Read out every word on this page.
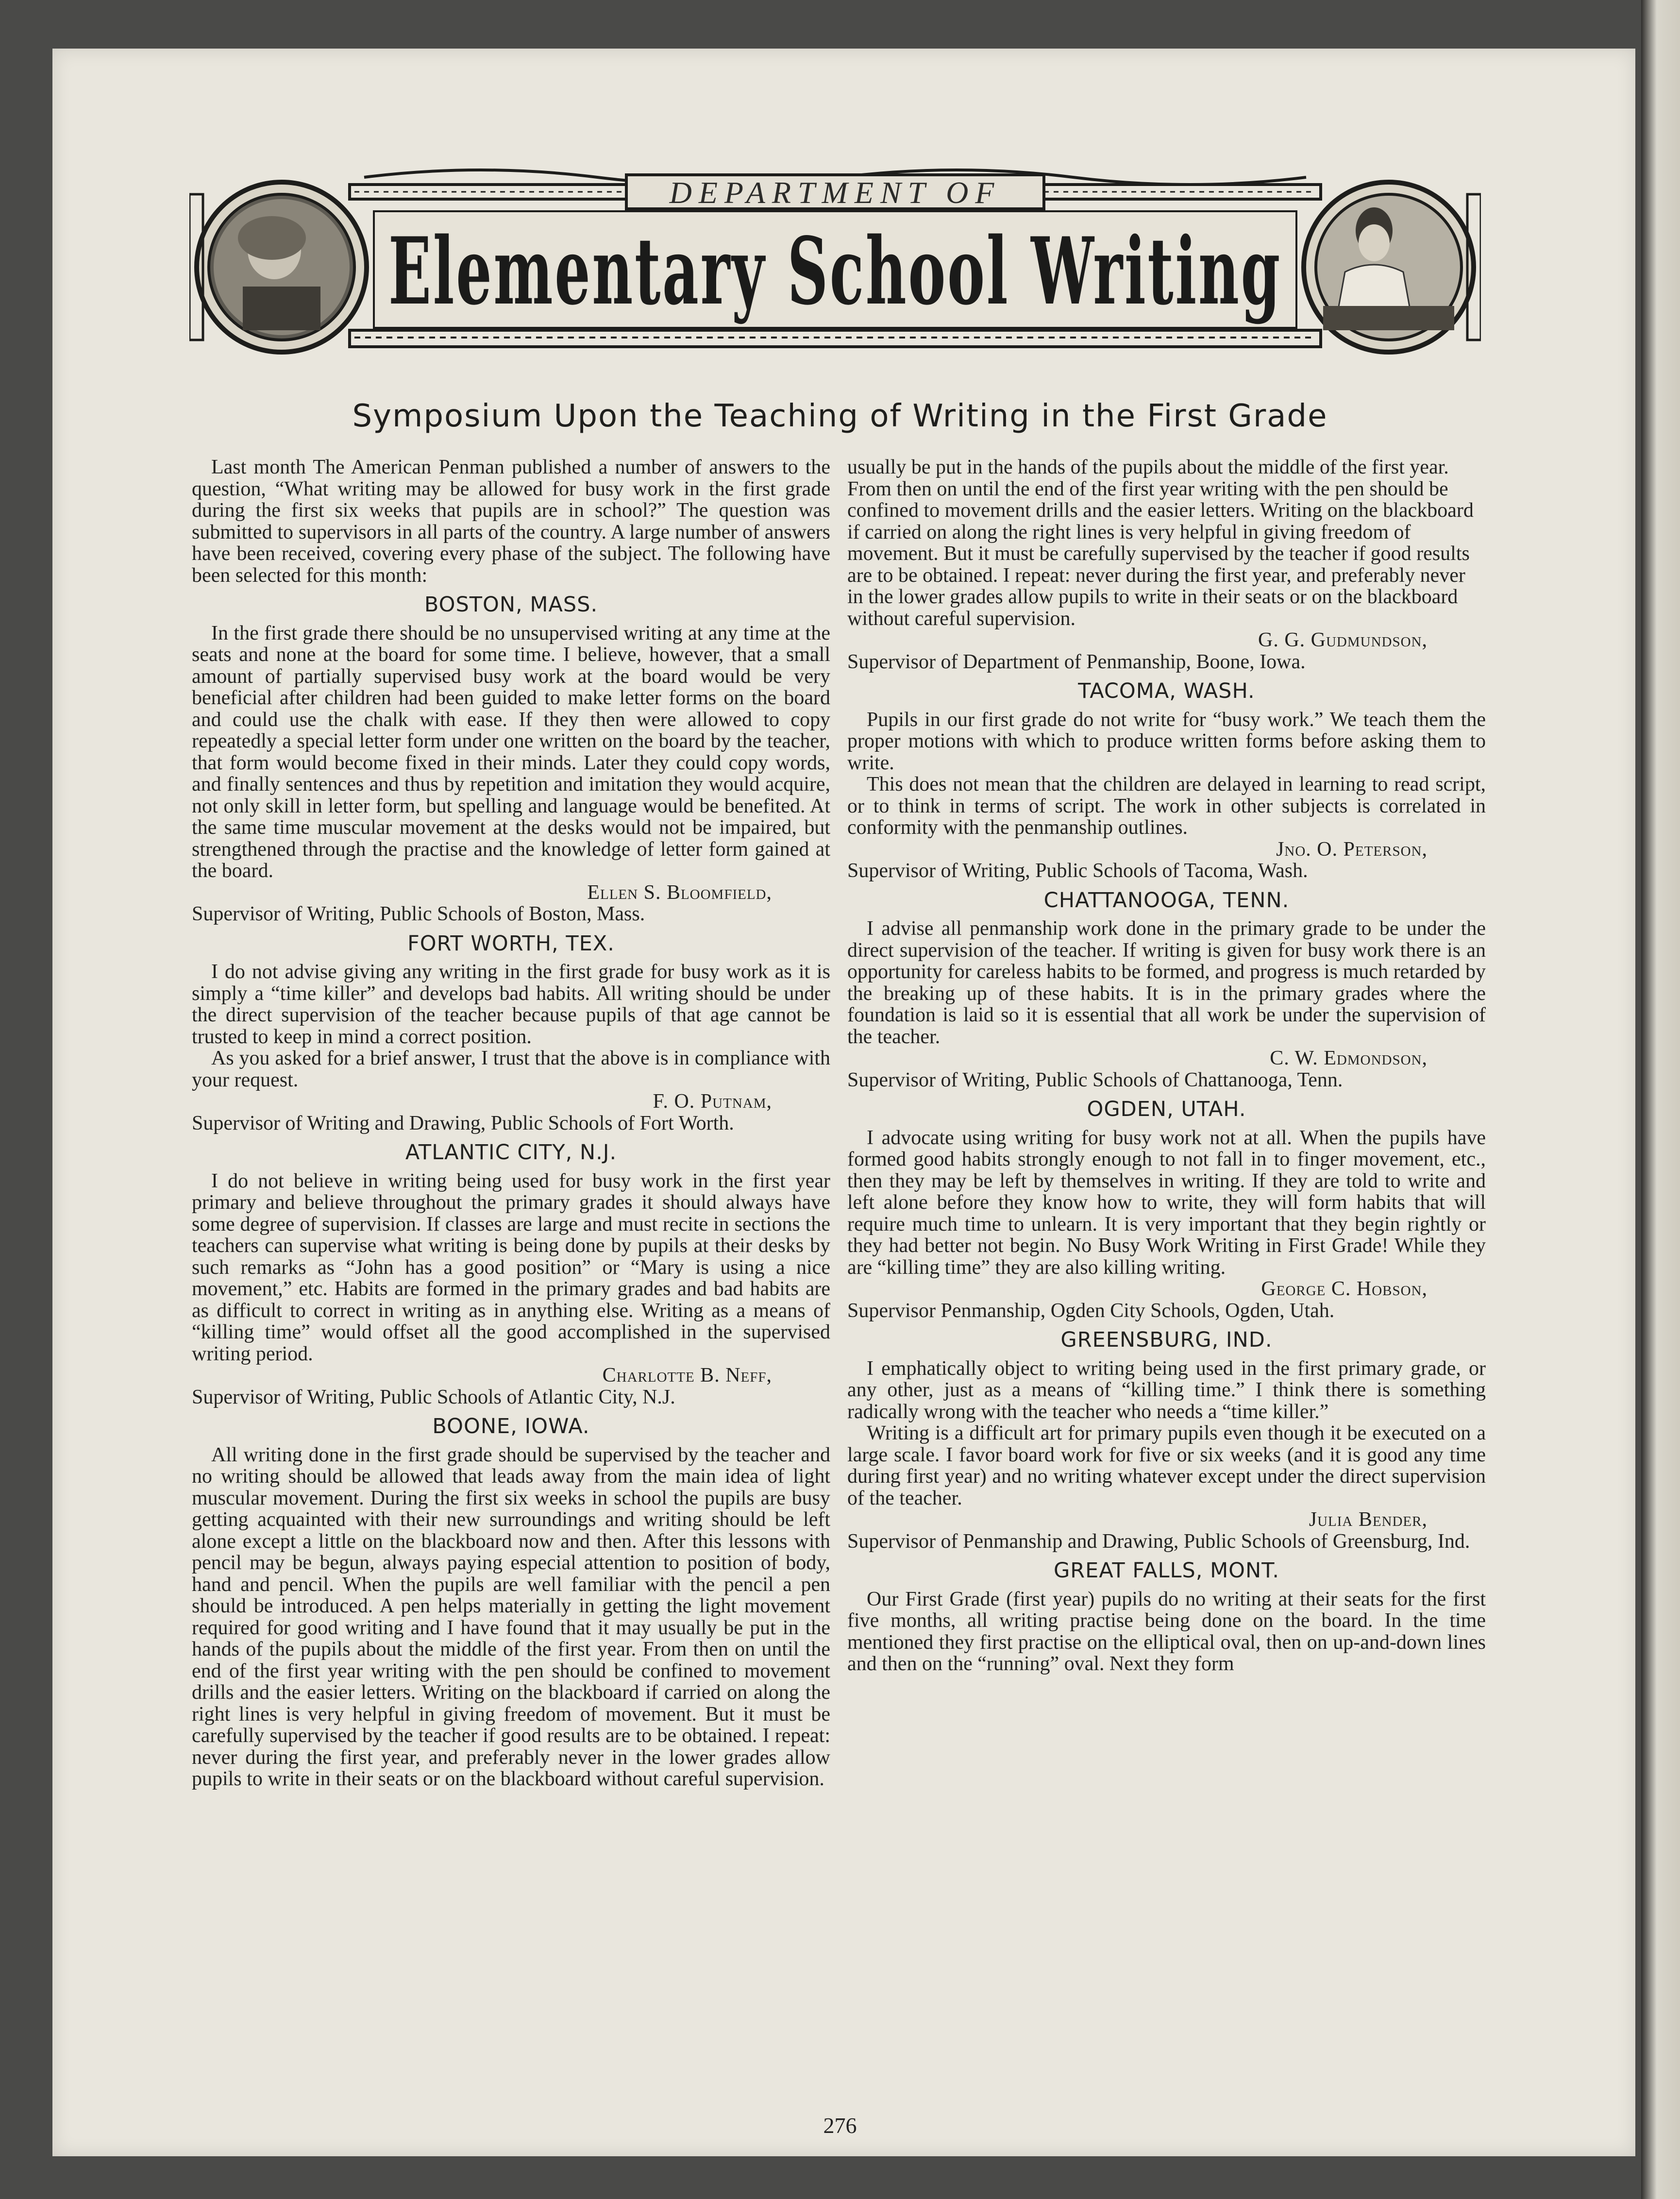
DEPARTMENT OF
Elementary School Writing
Symposium Upon the Teaching of Writing in the First Grade

Last month The American Penman published a number of answers to the question, “What writing may be allowed for busy work in the first grade during the first six weeks that pupils are in school?” The question was submitted to supervisors in all parts of the country. A large number of answers have been received, covering every phase of the subject. The following have been selected for this month:

BOSTON, MASS.

In the first grade there should be no unsupervised writing at any time at the seats and none at the board for some time. I believe, however, that a small amount of partially supervised busy work at the board would be very beneficial after children had been guided to make letter forms on the board and could use the chalk with ease. If they then were allowed to copy repeatedly a special letter form under one written on the board by the teacher, that form would become fixed in their minds. Later they could copy words, and finally sentences and thus by repetition and imitation they would acquire, not only skill in letter form, but spelling and language would be benefited. At the same time muscular movement at the desks would not be impaired, but strengthened through the practise and the knowledge of letter form gained at the board.

Ellen S. Bloomfield,

Supervisor of Writing, Public Schools of Boston, Mass.

FORT WORTH, TEX.

I do not advise giving any writing in the first grade for busy work as it is simply a “time killer” and develops bad habits. All writing should be under the direct supervision of the teacher because pupils of that age cannot be trusted to keep in mind a correct position.

As you asked for a brief answer, I trust that the above is in compliance with your request.

F. O. Putnam,

Supervisor of Writing and Drawing, Public Schools of Fort Worth.

ATLANTIC CITY, N.J.

I do not believe in writing being used for busy work in the first year primary and believe throughout the primary grades it should always have some degree of supervision. If classes are large and must recite in sections the teachers can supervise what writing is being done by pupils at their desks by such remarks as “John has a good position” or “Mary is using a nice movement,” etc. Habits are formed in the primary grades and bad habits are as difficult to correct in writing as in anything else. Writing as a means of “killing time” would offset all the good accomplished in the supervised writing period.

Charlotte B. Neff,

Supervisor of Writing, Public Schools of Atlantic City, N.J.

BOONE, IOWA.

All writing done in the first grade should be supervised by the teacher and no writing should be allowed that leads away from the main idea of light muscular movement. During the first six weeks in school the pupils are busy getting acquainted with their new surroundings and writing should be left alone except a little on the blackboard now and then. After this lessons with pencil may be begun, always paying especial attention to position of body, hand and pencil. When the pupils are well familiar with the pencil a pen should be introduced. A pen helps materially in getting the light movement required for good writing and I have found that it may usually be put in the hands of the pupils about the middle of the first year. From then on until the end of the first year writing with the pen should be confined to movement drills and the easier letters. Writing on the blackboard if carried on along the right lines is very helpful in giving freedom of movement. But it must be carefully supervised by the teacher if good results are to be obtained. I repeat: never during the first year, and preferably never in the lower grades allow pupils to write in their seats or on the blackboard without careful supervision.

usually be put in the hands of the pupils about the middle of the first year. From then on until the end of the first year writing with the pen should be confined to movement drills and the easier letters. Writing on the blackboard if carried on along the right lines is very helpful in giving freedom of movement. But it must be carefully supervised by the teacher if good results are to be obtained. I repeat: never during the first year, and preferably never in the lower grades allow pupils to write in their seats or on the blackboard without careful supervision.

G. G. Gudmundson,

Supervisor of Department of Penmanship, Boone, Iowa.

TACOMA, WASH.

Pupils in our first grade do not write for “busy work.” We teach them the proper motions with which to produce written forms before asking them to write.

This does not mean that the children are delayed in learning to read script, or to think in terms of script. The work in other subjects is correlated in conformity with the penmanship outlines.

Jno. O. Peterson,

Supervisor of Writing, Public Schools of Tacoma, Wash.

CHATTANOOGA, TENN.

I advise all penmanship work done in the primary grade to be under the direct supervision of the teacher. If writing is given for busy work there is an opportunity for careless habits to be formed, and progress is much retarded by the breaking up of these habits. It is in the primary grades where the foundation is laid so it is essential that all work be under the supervision of the teacher.

C. W. Edmondson,

Supervisor of Writing, Public Schools of Chattanooga, Tenn.

OGDEN, UTAH.

I advocate using writing for busy work not at all. When the pupils have formed good habits strongly enough to not fall in to finger movement, etc., then they may be left by themselves in writing. If they are told to write and left alone before they know how to write, they will form habits that will require much time to unlearn. It is very important that they begin rightly or they had better not begin. No Busy Work Writing in First Grade! While they are “killing time” they are also killing writing.

George C. Hobson,

Supervisor Penmanship, Ogden City Schools, Ogden, Utah.

GREENSBURG, IND.

I emphatically object to writing being used in the first primary grade, or any other, just as a means of “killing time.” I think there is something radically wrong with the teacher who needs a “time killer.”

Writing is a difficult art for primary pupils even though it be executed on a large scale. I favor board work for five or six weeks (and it is good any time during first year) and no writing whatever except under the direct supervision of the teacher.

Julia Bender,

Supervisor of Penmanship and Drawing, Public Schools of Greensburg, Ind.

GREAT FALLS, MONT.

Our First Grade (first year) pupils do no writing at their seats for the first five months, all writing practise being done on the board. In the time mentioned they first practise on the elliptical oval, then on up-and-down lines and then on the “running” oval. Next they form

276
